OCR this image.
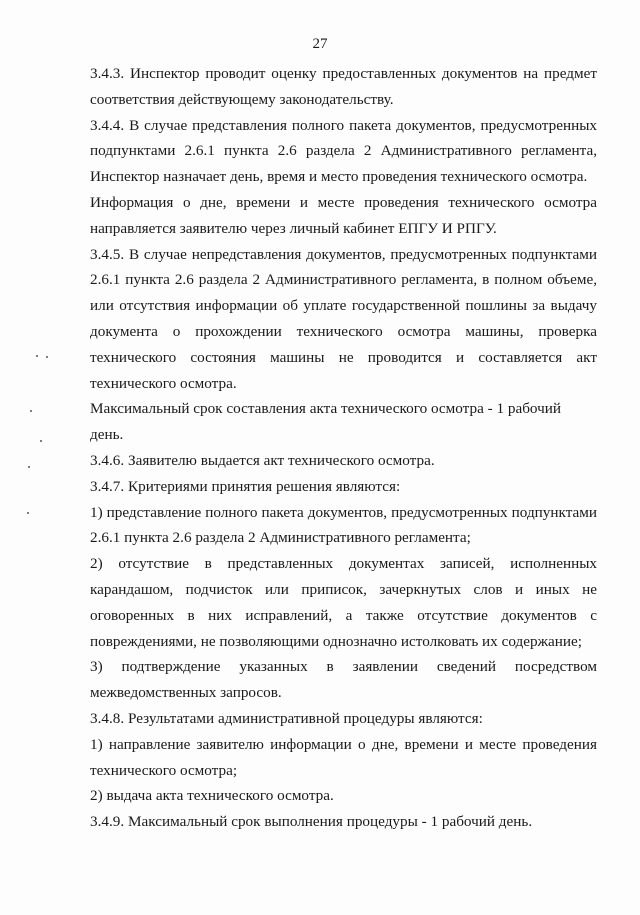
27

3.4.3. Инспектор проводит оценку предоставленных документов на предмет
соответствия действующему законодательству.

3.4.4. В случае представления полного пакета документов, предусмотренных
подпунктами 2.6.1 пункта 2.6 раздела 2 Административного регламента,
Инспектор назначает день, время и место проведения технического осмотра.

Информация о дне, времени и месте проведения технического осмотра
направляется заявителю через личный кабинет ЕПГУ И РПГУ.

3.4.5. В случае непредставления документов, предусмотренных подпунктами
2.6.1 пункта 2.6 раздела 2 Административного регламента, в полном объеме,
или отсутствия информации об уплате государственной пошлины за выдачу
документа о прохождении технического осмотра машины, проверка
технического состояния машины не проводится и составляется акт
технического осмотра.

Максимальный срок составления акта технического осмотра - 1 рабочий день.

3.4.6. Заявителю выдается акт технического осмотра.

3.4.7. Критериями принятия решения являются:

1) представление полного пакета документов, предусмотренных подпунктами
2.6.1 пункта 2.6 раздела 2 Административного регламента;

2) отсутствие в представленных документах записей, исполненных
карандашом, подчисток или приписок, зачеркнутых слов и иных не
оговоренных в них исправлений, а также отсутствие документов с
повреждениями, не позволяющими однозначно истолковать их содержание;

3) подтверждение указанных в заявлении сведений посредством
межведомственных запросов.

3.4.8. Результатами административной процедуры являются:

1) направление заявителю информации о дне, времени и месте проведения
технического осмотра;

2) выдача акта технического осмотра.

3.4.9. Максимальный срок выполнения процедуры - 1 рабочий день.
